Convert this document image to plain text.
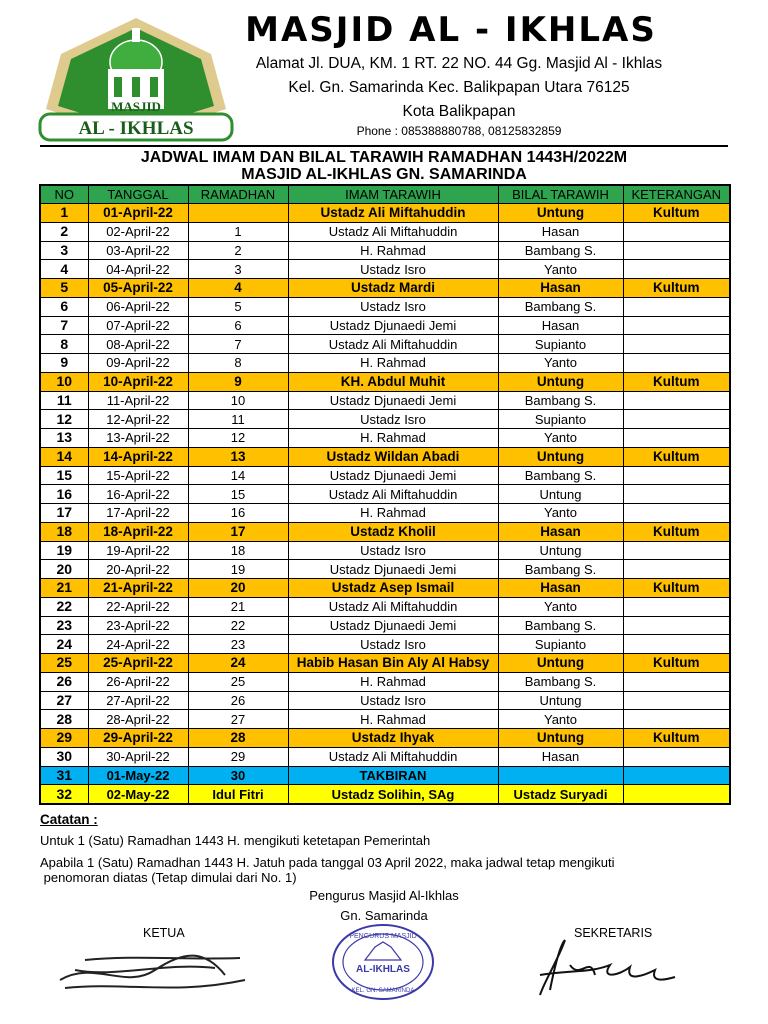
MASJID
AL - IKHLAS
MASJID AL - IKHLAS
Alamat Jl. DUA, KM. 1 RT. 22 NO. 44 Gg. Masjid Al - Ikhlas
Kel. Gn. Samarinda Kec. Balikpapan Utara 76125
Kota Balikpapan
Phone : 085388880788, 08125832859
JADWAL IMAM DAN BILAL TARAWIH RAMADHAN 1443H/2022M
MASJID AL-IKHLAS GN. SAMARINDA
NO	TANGGAL	RAMADHAN	IMAM TARAWIH	BILAL TARAWIH	KETERANGAN
1	01-April-22		Ustadz Ali Miftahuddin	Untung	Kultum
2	02-April-22	1	Ustadz Ali Miftahuddin	Hasan	
3	03-April-22	2	H. Rahmad	Bambang S.	
4	04-April-22	3	Ustadz Isro	Yanto	
5	05-April-22	4	Ustadz Mardi	Hasan	Kultum
6	06-April-22	5	Ustadz Isro	Bambang S.	
7	07-April-22	6	Ustadz Djunaedi Jemi	Hasan	
8	08-April-22	7	Ustadz Ali Miftahuddin	Supianto	
9	09-April-22	8	H. Rahmad	Yanto	
10	10-April-22	9	KH. Abdul Muhit	Untung	Kultum
11	11-April-22	10	Ustadz Djunaedi Jemi	Bambang S.	
12	12-April-22	11	Ustadz Isro	Supianto	
13	13-April-22	12	H. Rahmad	Yanto	
14	14-April-22	13	Ustadz Wildan Abadi	Untung	Kultum
15	15-April-22	14	Ustadz Djunaedi Jemi	Bambang S.	
16	16-April-22	15	Ustadz Ali Miftahuddin	Untung	
17	17-April-22	16	H. Rahmad	Yanto	
18	18-April-22	17	Ustadz Kholil	Hasan	Kultum
19	19-April-22	18	Ustadz Isro	Untung	
20	20-April-22	19	Ustadz Djunaedi Jemi	Bambang S.	
21	21-April-22	20	Ustadz Asep Ismail	Hasan	Kultum
22	22-April-22	21	Ustadz Ali Miftahuddin	Yanto	
23	23-April-22	22	Ustadz Djunaedi Jemi	Bambang S.	
24	24-April-22	23	Ustadz Isro	Supianto	
25	25-April-22	24	Habib Hasan Bin Aly Al Habsy	Untung	Kultum
26	26-April-22	25	H. Rahmad	Bambang S.	
27	27-April-22	26	Ustadz Isro	Untung	
28	28-April-22	27	H. Rahmad	Yanto	
29	29-April-22	28	Ustadz Ihyak	Untung	Kultum
30	30-April-22	29	Ustadz Ali Miftahuddin	Hasan	
31	01-May-22	30	TAKBIRAN		
32	02-May-22	Idul Fitri	Ustadz Solihin, SAg	Ustadz Suryadi	
Catatan :
Untuk 1 (Satu) Ramadhan 1443 H. mengikuti ketetapan Pemerintah
Apabila 1 (Satu) Ramadhan 1443 H. Jatuh pada tanggal 03 April 2022, maka jadwal tetap mengikuti
penomoran diatas (Tetap dimulai dari No. 1)
Pengurus Masjid Al-Ikhlas
Gn. Samarinda
KETUA	SEKRETARIS
PENGURUS MASJID
AL-IKHLAS
KEL. GN. SAMARINDA
